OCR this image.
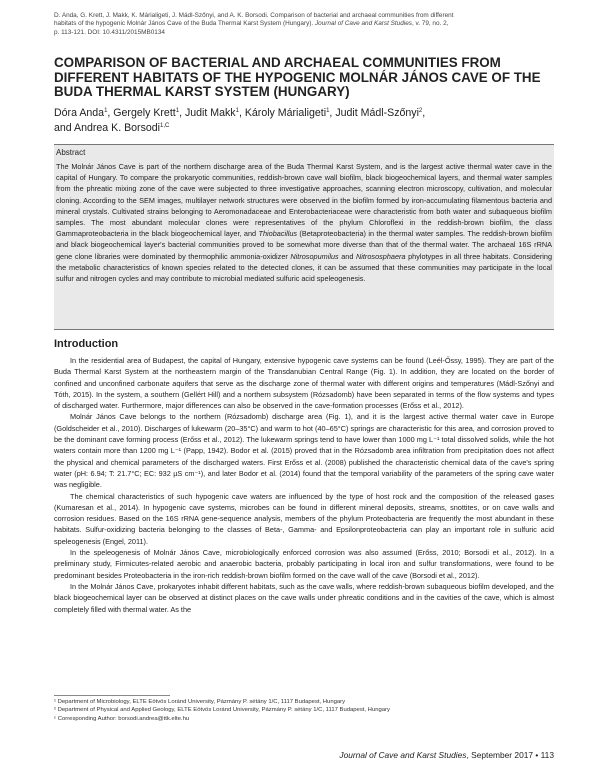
D. Anda, G. Krett, J. Makk, K. Márialigeti, J. Mádl-Szőnyi, and A. K. Borsodi. Comparison of bacterial and archaeal communities from different
habitats of the hypogenic Molnár János Cave of the Buda Thermal Karst System (Hungary). Journal of Cave and Karst Studies, v. 79, no. 2,
p. 113-121. DOI: 10.4311/2015MB0134
COMPARISON OF BACTERIAL AND ARCHAEAL COMMUNITIES FROM DIFFERENT HABITATS OF THE HYPOGENIC MOLNÁR JÁNOS CAVE OF THE BUDA THERMAL KARST SYSTEM (HUNGARY)
Dóra Anda$^1$, Gergely Krett$^1$, Judit Makk$^1$, Károly Márialigeti$^1$, Judit Mádl-Szőnyi$^2$,
and Andrea K. Borsodi$^{1,C}$
Abstract
The Molnár János Cave is part of the northern discharge area of the Buda Thermal Karst System, and is the largest active thermal water cave in the capital of Hungary. To compare the prokaryotic communities, reddish-brown cave wall biofilm, black biogeochemical layers, and thermal water samples from the phreatic mixing zone of the cave were subjected to three investigative approaches, scanning electron microscopy, cultivation, and molecular cloning. According to the SEM images, multilayer network structures were observed in the biofilm formed by iron-accumulating filamentous bacteria and mineral crystals. Cultivated strains belonging to Aeromonadaceae and Enterobacteriaceae were characteristic from both water and subaqueous biofilm samples. The most abundant molecular clones were representatives of the phylum Chloroflexi in the reddish-brown biofilm, the class Gammaproteobacteria in the black biogeochemical layer, and Thiobacillus (Betaproteobacteria) in the thermal water samples. The reddish-brown biofilm and black biogeochemical layer's bacterial communities proved to be somewhat more diverse than that of the thermal water. The archaeal 16S rRNA gene clone libraries were dominated by thermophilic ammonia-oxidizer Nitrosopumilus and Nitrososphaera phylotypes in all three habitats. Considering the metabolic characteristics of known species related to the detected clones, it can be assumed that these communities may participate in the local sulfur and nitrogen cycles and may contribute to microbial mediated sulfuric acid speleogenesis.
Introduction

In the residential area of Budapest, the capital of Hungary, extensive hypogenic cave systems can be found (Leél-Őssy, 1995). They are part of the Buda Thermal Karst System at the northeastern margin of the Transdanubian Central Range (Fig. 1). In addition, they are located on the border of confined and unconfined carbonate aquifers that serve as the discharge zone of thermal water with different origins and temperatures (Mádl-Szőnyi and Tóth, 2015). In the system, a southern (Gellért Hill) and a northern subsystem (Rózsadomb) have been separated in terms of the flow systems and types of discharged water. Furthermore, major differences can also be observed in the cave-formation processes (Erőss et al., 2012).

Molnár János Cave belongs to the northern (Rózsadomb) discharge area (Fig. 1), and it is the largest active thermal water cave in Europe (Goldscheider et al., 2010). Discharges of lukewarm (20–35°C) and warm to hot (40–65°C) springs are characteristic for this area, and corrosion proved to be the dominant cave forming process (Erőss et al., 2012). The lukewarm springs tend to have lower than 1000 mg L⁻¹ total dissolved solids, while the hot waters contain more than 1200 mg L⁻¹ (Papp, 1942). Bodor et al. (2015) proved that in the Rózsadomb area infiltration from precipitation does not affect the physical and chemical parameters of the discharged waters. First Erőss et al. (2008) published the characteristic chemical data of the cave's spring water (pH: 6.94; T: 21.7°C; EC: 932 µS cm⁻¹), and later Bodor et al. (2014) found that the temporal variability of the parameters of the spring cave water was negligible.

The chemical characteristics of such hypogenic cave waters are influenced by the type of host rock and the composition of the released gases (Kumaresan et al., 2014). In hypogenic cave systems, microbes can be found in different mineral deposits, streams, snottites, or on cave walls and corrosion residues. Based on the 16S rRNA gene-sequence analysis, members of the phylum Proteobacteria are frequently the most abundant in these habitats. Sulfur-oxidizing bacteria belonging to the classes of Beta-, Gamma- and Epsilonproteobacteria can play an important role in sulfuric acid speleogenesis (Engel, 2011).

In the speleogenesis of Molnár János Cave, microbiologically enforced corrosion was also assumed (Erőss, 2010; Borsodi et al., 2012). In a preliminary study, Firmicutes-related aerobic and anaerobic bacteria, probably participating in local iron and sulfur transformations, were found to be predominant besides Proteobacteria in the iron-rich reddish-brown biofilm formed on the cave wall of the cave (Borsodi et al., 2012).

In the Molnár János Cave, prokaryotes inhabit different habitats, such as the cave walls, where reddish-brown subaqueous biofilm developed, and the black biogeochemical layer can be observed at distinct places on the cave walls under phreatic conditions and in the cavities of the cave, which is almost completely filled with thermal water. As the

¹ Department of Microbiology, ELTE Eötvös Loránd University, Pázmány P. sétány 1/C, 1117 Budapest, Hungary
² Department of Physical and Applied Geology, ELTE Eötvös Loránd University, Pázmány P. sétány 1/C, 1117 Budapest, Hungary
ᶜ Corresponding Author: borsodi.andrea@ttk.elte.hu
Journal of Cave and Karst Studies, September 2017 • 113
